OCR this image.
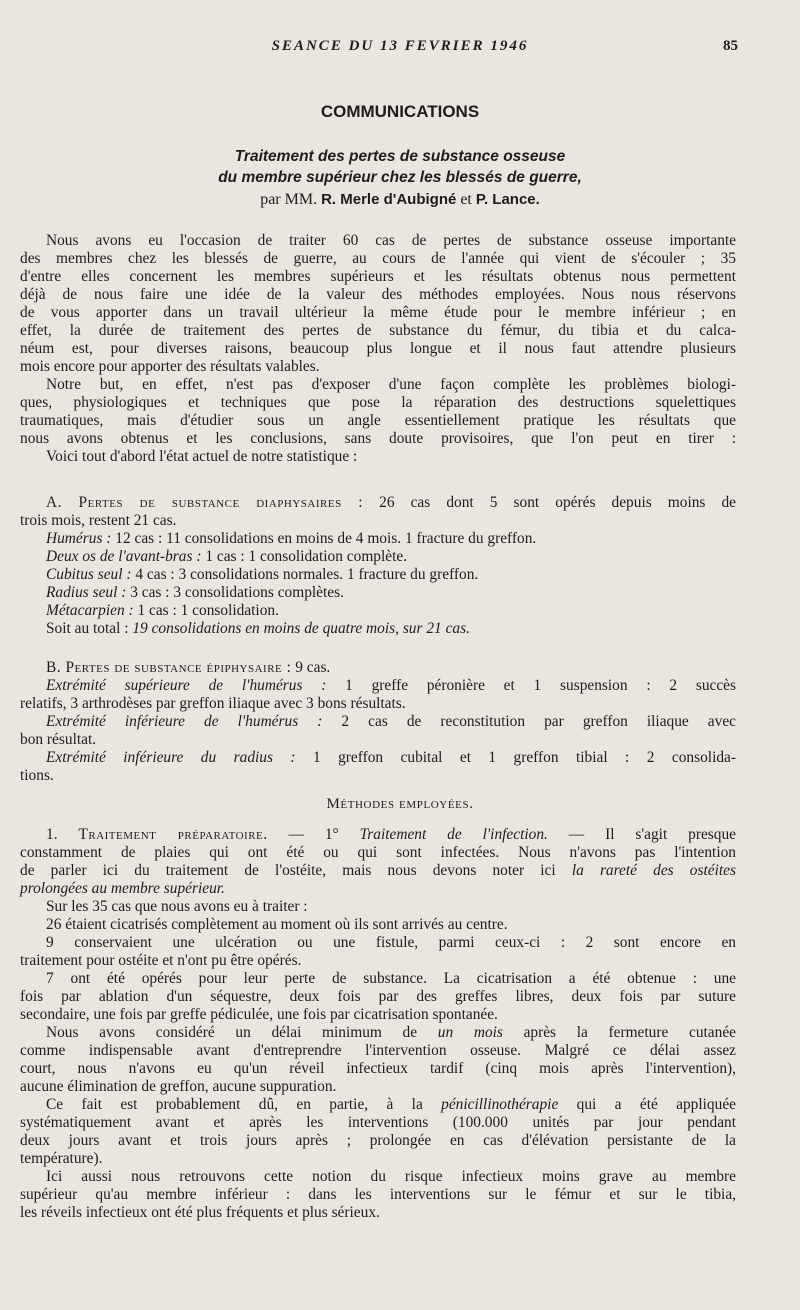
SEANCE DU 13 FEVRIER 1946	85
COMMUNICATIONS
Traitement des pertes de substance osseuse
du membre supérieur chez les blessés de guerre,
par MM. R. Merle d'Aubigné et P. Lance.
Nous avons eu l'occasion de traiter 60 cas de pertes de substance osseuse importante
des membres chez les blessés de guerre, au cours de l'année qui vient de s'écouler ; 35
d'entre elles concernent les membres supérieurs et les résultats obtenus nous permettent
déjà de nous faire une idée de la valeur des méthodes employées. Nous nous réservons
de vous apporter dans un travail ultérieur la même étude pour le membre inférieur ; en
effet, la durée de traitement des pertes de substance du fémur, du tibia et du calca-
néum est, pour diverses raisons, beaucoup plus longue et il nous faut attendre plusieurs
mois encore pour apporter des résultats valables.
Notre but, en effet, n'est pas d'exposer d'une façon complète les problèmes biologi-
ques, physiologiques et techniques que pose la réparation des destructions squelettiques
traumatiques, mais d'étudier sous un angle essentiellement pratique les résultats que
nous avons obtenus et les conclusions, sans doute provisoires, que l'on peut en tirer :
Voici tout d'abord l'état actuel de notre statistique :
A. Pertes de substance diaphysaires : 26 cas dont 5 sont opérés depuis moins de
trois mois, restent 21 cas.
Humérus : 12 cas : 11 consolidations en moins de 4 mois. 1 fracture du greffon.
Deux os de l'avant-bras : 1 cas : 1 consolidation complète.
Cubitus seul : 4 cas : 3 consolidations normales. 1 fracture du greffon.
Radius seul : 3 cas : 3 consolidations complètes.
Métacarpien : 1 cas : 1 consolidation.
Soit au total : 19 consolidations en moins de quatre mois, sur 21 cas.
B. Pertes de substance épiphysaire : 9 cas.
Extrémité supérieure de l'humérus : 1 greffe péronière et 1 suspension : 2 succès
relatifs, 3 arthrodèses par greffon iliaque avec 3 bons résultats.
Extrémité inférieure de l'humérus : 2 cas de reconstitution par greffon iliaque avec
bon résultat.
Extrémité inférieure du radius : 1 greffon cubital et 1 greffon tibial : 2 consolida-
tions.
Méthodes employées.
1. Traitement préparatoire. — 1° Traitement de l'infection. — Il s'agit presque
constamment de plaies qui ont été ou qui sont infectées. Nous n'avons pas l'intention
de parler ici du traitement de l'ostéite, mais nous devons noter ici la rareté des ostéites
prolongées au membre supérieur.
Sur les 35 cas que nous avons eu à traiter :
26 étaient cicatrisés complètement au moment où ils sont arrivés au centre.
9 conservaient une ulcération ou une fistule, parmi ceux-ci : 2 sont encore en
traitement pour ostéite et n'ont pu être opérés.
7 ont été opérés pour leur perte de substance. La cicatrisation a été obtenue : une
fois par ablation d'un séquestre, deux fois par des greffes libres, deux fois par suture
secondaire, une fois par greffe pédiculée, une fois par cicatrisation spontanée.
Nous avons considéré un délai minimum de un mois après la fermeture cutanée
comme indispensable avant d'entreprendre l'intervention osseuse. Malgré ce délai assez
court, nous n'avons eu qu'un réveil infectieux tardif (cinq mois après l'intervention),
aucune élimination de greffon, aucune suppuration.
Ce fait est probablement dû, en partie, à la pénicillinothérapie qui a été appliquée
systématiquement avant et après les interventions (100.000 unités par jour pendant
deux jours avant et trois jours après ; prolongée en cas d'élévation persistante de la
température).
Ici aussi nous retrouvons cette notion du risque infectieux moins grave au membre
supérieur qu'au membre inférieur : dans les interventions sur le fémur et sur le tibia,
les réveils infectieux ont été plus fréquents et plus sérieux.
